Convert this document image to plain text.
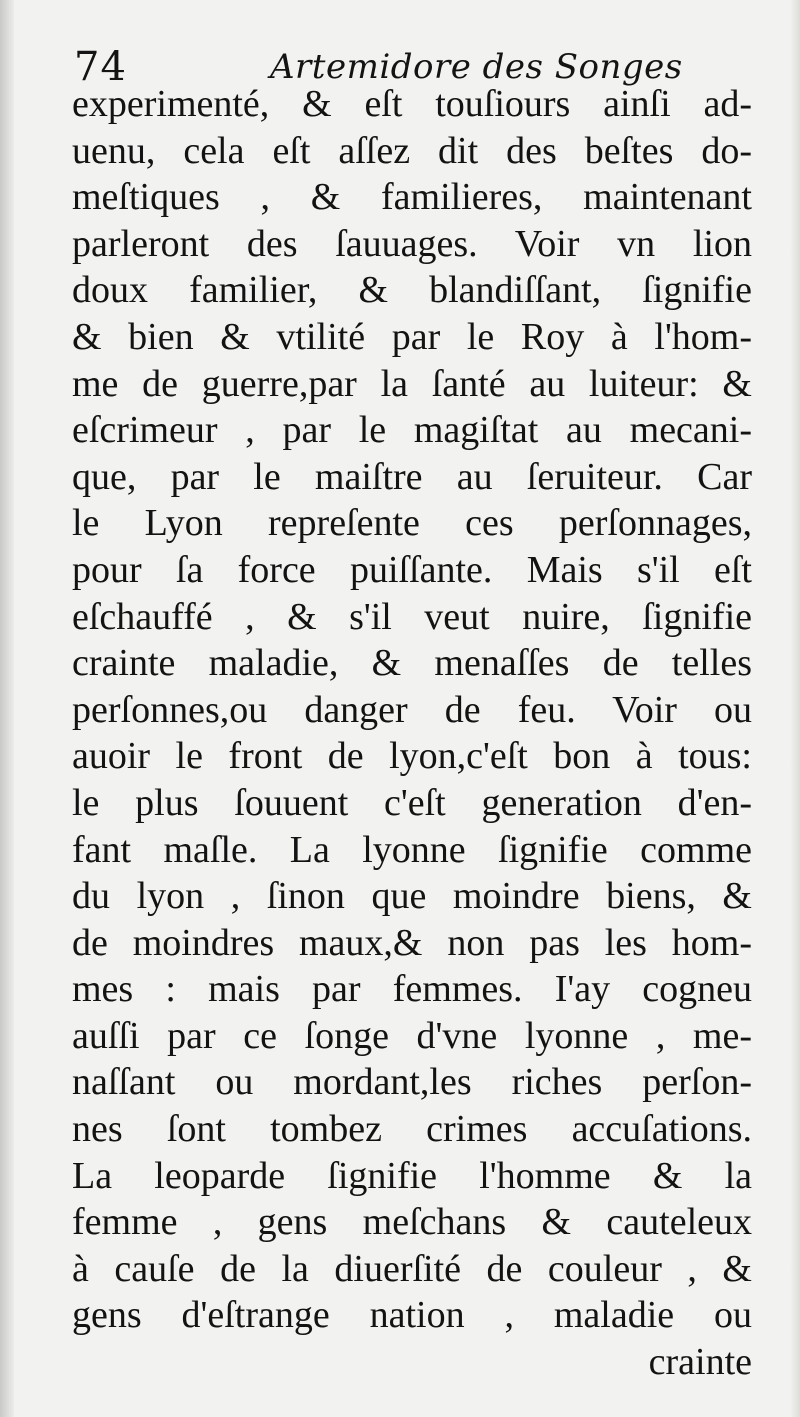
74	Artemidore des Songes
experimenté, & eſt touſiours ainſi ad-
uenu, cela eſt aſſez dit des beſtes do-
meſtiques , & familieres, maintenant
parleront des ſauuages. Voir vn lion
doux familier, & blandiſſant, ſignifie
& bien & vtilité par le Roy à l'hom-
me de guerre,par la ſanté au luiteur: &
eſcrimeur , par le magiſtat au mecani-
que, par le maiſtre au ſeruiteur. Car
le Lyon repreſente ces perſonnages,
pour ſa force puiſſante. Mais s'il eſt
eſchauffé , & s'il veut nuire, ſignifie
crainte maladie, & menaſſes de telles
perſonnes,ou danger de feu. Voir ou
auoir le front de lyon,c'eſt bon à tous:
le plus ſouuent c'eſt generation d'en-
fant maſle. La lyonne ſignifie comme
du lyon , ſinon que moindre biens, &
de moindres maux,& non pas les hom-
mes : mais par femmes. I'ay cogneu
auſſi par ce ſonge d'vne lyonne , me-
naſſant ou mordant,les riches perſon-
nes ſont tombez crimes accuſations.
La leoparde ſignifie l'homme & la
femme , gens meſchans & cauteleux
à cauſe de la diuerſité de couleur , &
gens d'eſtrange nation , maladie ou
crainte
